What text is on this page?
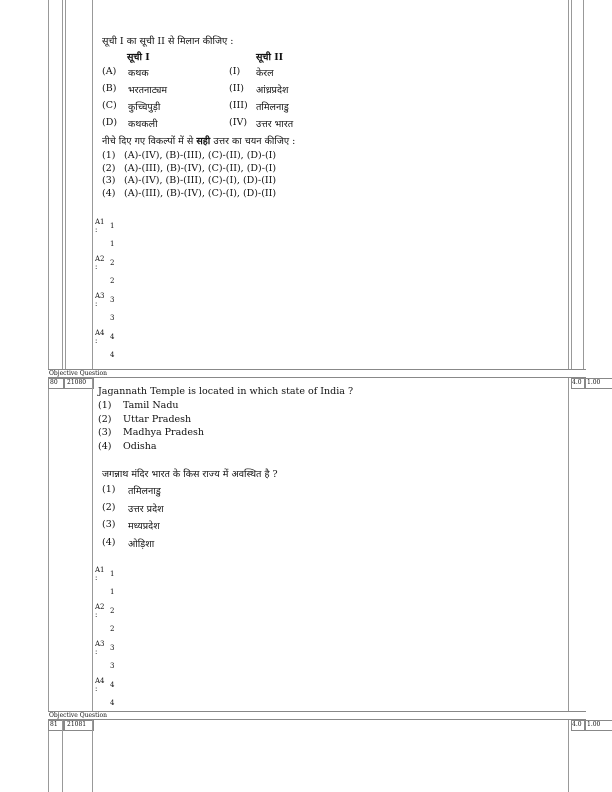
सूची I का सूची II से मिलान कीजिए :
सूची I	सूची II
(A) कथक	(I) केरल
(B) भरतनाट्यम	(II) आंध्रप्रदेश
(C) कुच्चिपुड़ी	(III) तमिलनाडु
(D) कथकली	(IV) उत्तर भारत
नीचे दिए गए विकल्पों में से सही उत्तर का चयन कीजिए :
(1) (A)-(IV), (B)-(III), (C)-(II), (D)-(I)
(2) (A)-(III), (B)-(IV), (C)-(II), (D)-(I)
(3) (A)-(IV), (B)-(III), (C)-(I), (D)-(II)
(4) (A)-(III), (B)-(IV), (C)-(I), (D)-(II)
A1
: 1
1
A2
: 2
2
A3
: 3
3
A4
: 4
4
Objective Question
80 21080	4.0 1.00
Jagannath Temple is located in which state of India ?
(1) Tamil Nadu
(2) Uttar Pradesh
(3) Madhya Pradesh
(4) Odisha
जगन्नाथ मंदिर भारत के किस राज्य में अवस्थित है ?
(1) तमिलनाडु
(2) उत्तर प्रदेश
(3) मध्यप्रदेश
(4) ओड़िशा
A1
: 1
1
A2
: 2
2
A3
: 3
3
A4
: 4
4
Objective Question
81 21081	4.0 1.00
